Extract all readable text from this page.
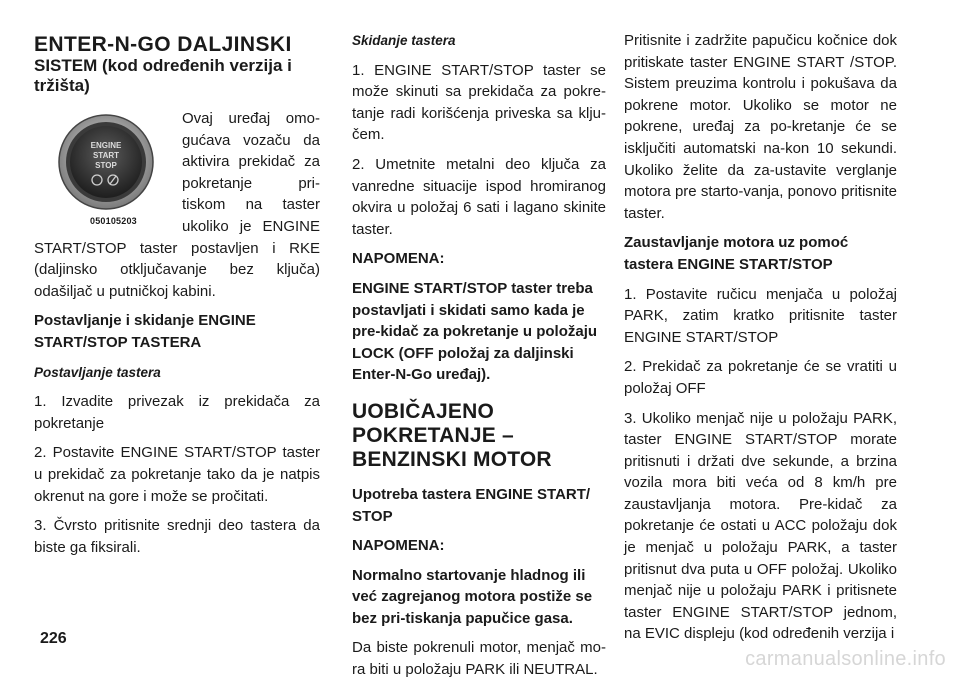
ENTER-N-GO DALJINSKI
SISTEM (kod određenih verzija i tržišta)
ENGINE
START
STOP
050105203

Ovaj uređaj omo-gućava vozaču da aktivira prekidač za pokretanje pri-tiskom na taster ukoliko je ENGINE START/STOP taster postavljen i RKE (daljinsko otključavanje bez ključa) odašiljač u putničkoj kabini.

Postavljanje i skidanje ENGINE START/STOP TASTERA

Postavljanje tastera

1. Izvadite privezak iz prekidača za pokretanje

2. Postavite ENGINE START/STOP taster u prekidač za pokretanje tako da je natpis okrenut na gore i može se pročitati.

3. Čvrsto pritisnite srednji deo tastera da biste ga fiksirali.

Skidanje tastera

1. ENGINE START/STOP taster se može skinuti sa prekidača za pokre-tanje radi korišćenja priveska sa klju-čem.

2. Umetnite metalni deo ključa za vanredne situacije ispod hromiranog okvira u položaj 6 sati i lagano skinite taster.

NAPOMENA:

ENGINE START/STOP taster treba postavljati i skidati samo kada je pre-kidač za pokretanje u položaju LOCK (OFF položaj za daljinski Enter-N-Go uređaj).

UOBIČAJENO POKRETANJE – BENZINSKI MOTOR

Upotreba tastera ENGINE START/ STOP

NAPOMENA:

Normalno startovanje hladnog ili već zagrejanog motora postiže se bez pri-tiskanja papučice gasa.

Da biste pokrenuli motor, menjač mo-ra biti u položaju PARK ili NEUTRAL.

Pritisnite i zadržite papučicu kočnice dok pritiskate taster ENGINE START /STOP. Sistem preuzima kontrolu i pokušava da pokrene motor. Ukoliko se motor ne pokrene, uređaj za po-kretanje će se isključiti automatski na-kon 10 sekundi. Ukoliko želite da za-ustavite verglanje motora pre starto-vanja, ponovo pritisnite taster.

Zaustavljanje motora uz pomoć tastera ENGINE START/STOP

1. Postavite ručicu menjača u položaj PARK, zatim kratko pritisnite taster ENGINE START/STOP

2. Prekidač za pokretanje će se vratiti u položaj OFF

3. Ukoliko menjač nije u položaju PARK, taster ENGINE START/STOP morate pritisnuti i držati dve sekunde, a brzina vozila mora biti veća od 8 km/h pre zaustavljanja motora. Pre-kidač za pokretanje će ostati u ACC položaju dok je menjač u položaju PARK, a taster pritisnut dva puta u OFF položaj. Ukoliko menjač nije u položaju PARK i pritisnete taster ENGINE START/STOP jednom, na EVIC displeju (kod određenih verzija i

226
carmanualsonline.info
